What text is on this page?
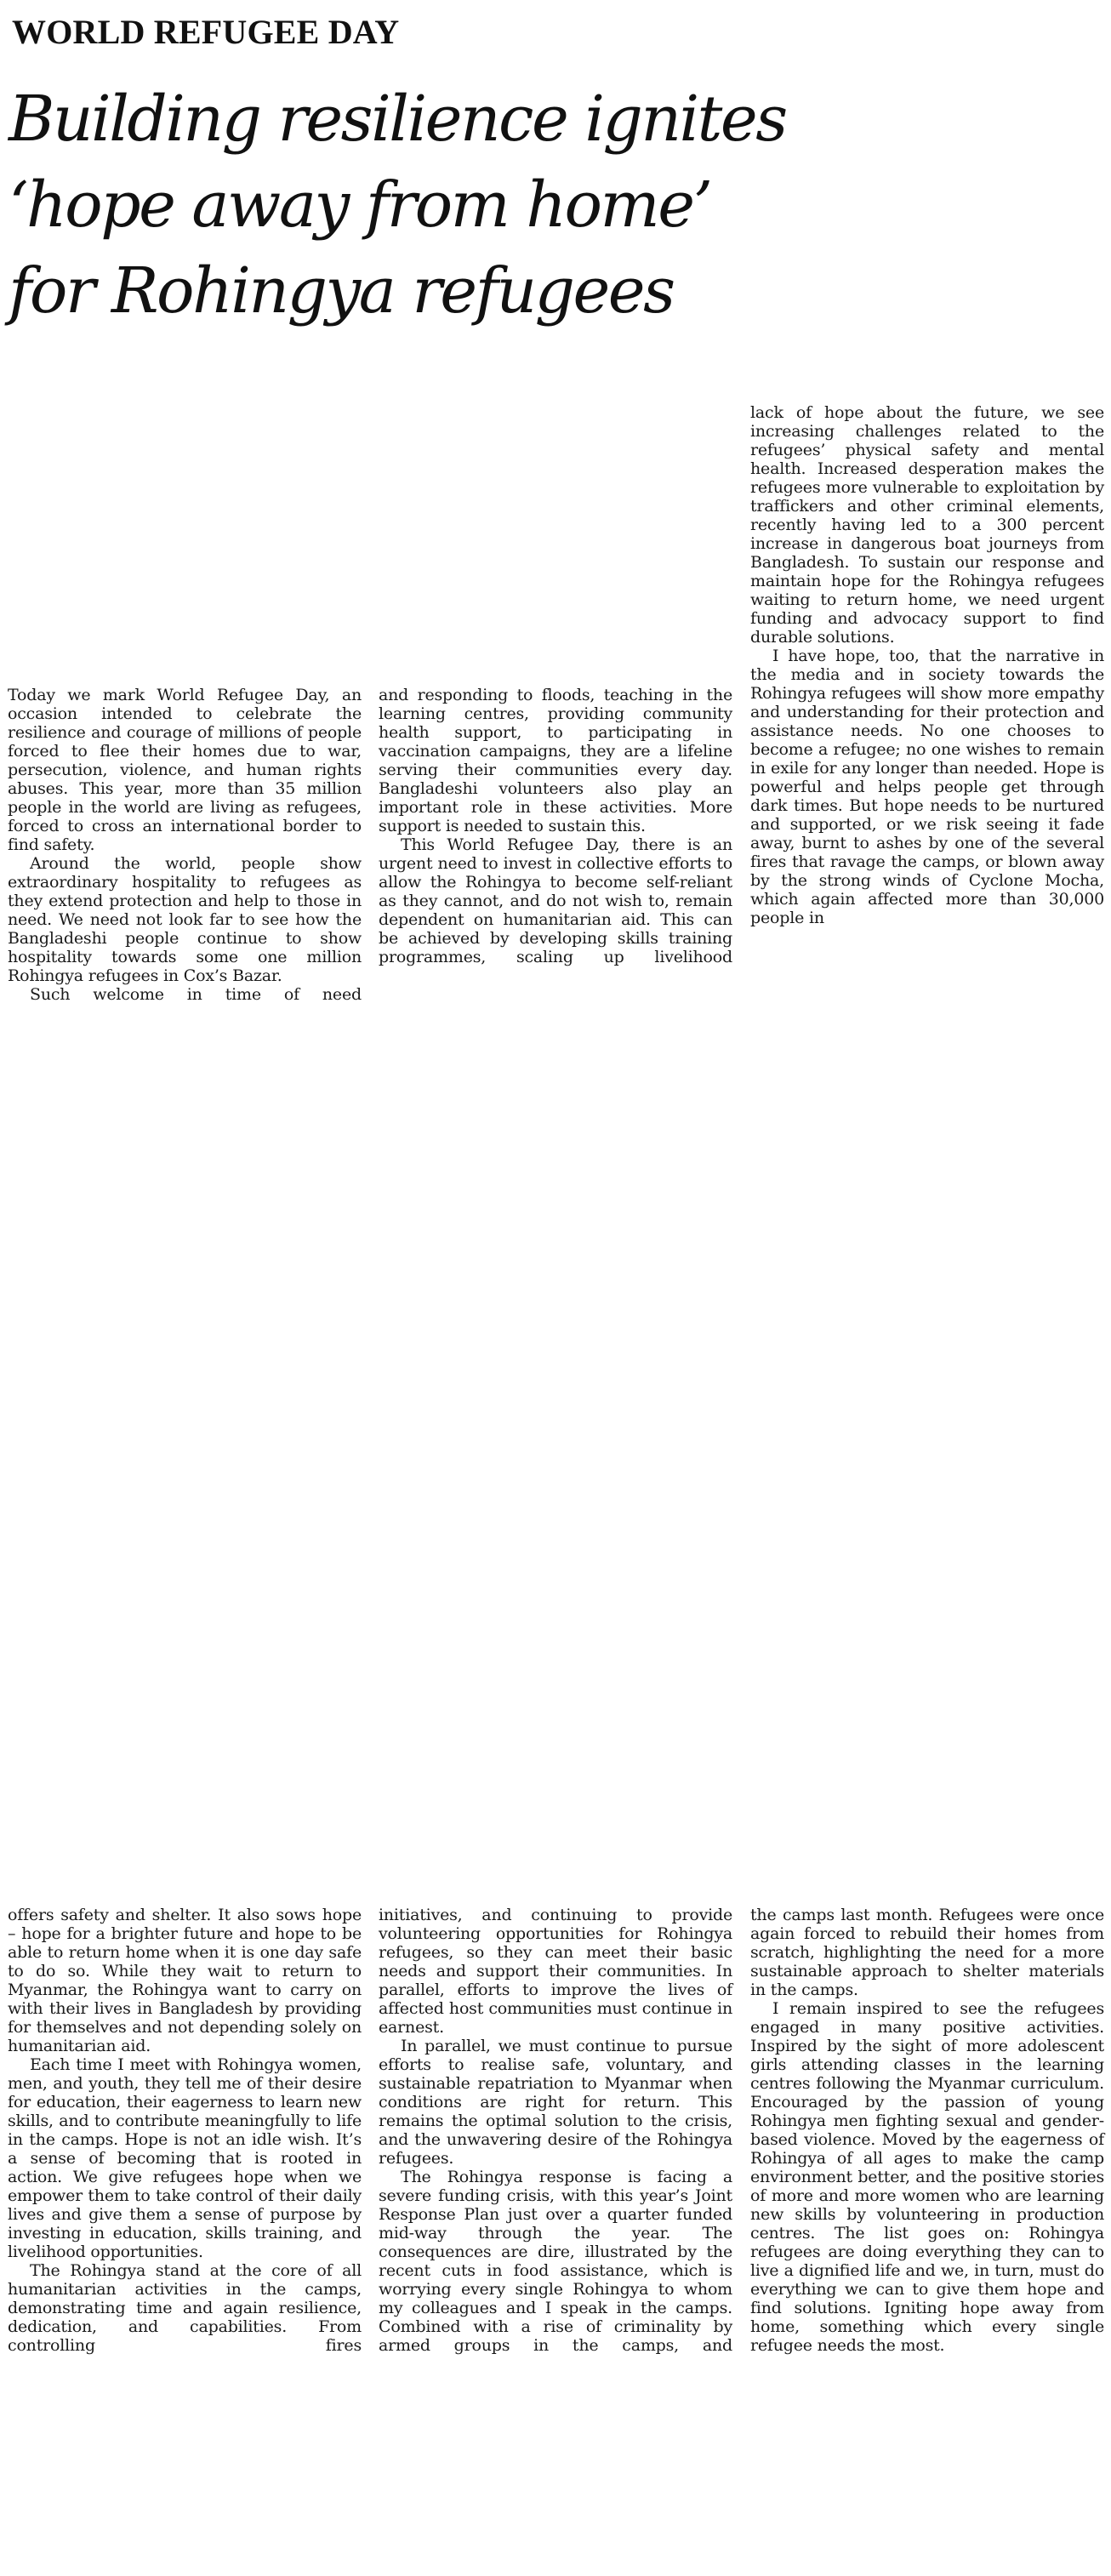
WORLD REFUGEE DAY
Building resilience ignites
‘hope away from home’
for Rohingya refugees

Today we mark World Refugee Day, an occasion intended to celebrate the resilience and courage of millions of people forced to flee their homes due to war, persecution, violence, and human rights abuses. This year, more than 35 million people in the world are living as refugees, forced to cross an international border to find safety.

Around the world, people show extraordinary hospitality to refugees as they extend protection and help to those in need. We need not look far to see how the Bangladeshi people continue to show hospitality towards some one million Rohingya refugees in Cox’s Bazar.

Such welcome in time of need

and responding to floods, teaching in the learning centres, providing community health support, to participating in vaccination campaigns, they are a lifeline serving their communities every day. Bangladeshi volunteers also play an important role in these activities. More support is needed to sustain this.

This World Refugee Day, there is an urgent need to invest in collective efforts to allow the Rohingya to become self-reliant as they cannot, and do not wish to, remain dependent on humanitarian aid. This can be achieved by developing skills training programmes, scaling up livelihood

lack of hope about the future, we see increasing challenges related to the refugees’ physical safety and mental health. Increased desperation makes the refugees more vulnerable to exploitation by traffickers and other criminal elements, recently having led to a 300 percent increase in dangerous boat journeys from Bangladesh. To sustain our response and maintain hope for the Rohingya refugees waiting to return home, we need urgent funding and advocacy support to find durable solutions.

I have hope, too, that the narrative in the media and in society towards the Rohingya refugees will show more empathy and understanding for their protection and assistance needs. No one chooses to become a refugee; no one wishes to remain in exile for any longer than needed. Hope is powerful and helps people get through dark times. But hope needs to be nurtured and supported, or we risk seeing it fade away, burnt to ashes by one of the several fires that ravage the camps, or blown away by the strong winds of Cyclone Mocha, which again affected more than 30,000 people in

offers safety and shelter. It also sows hope – hope for a brighter future and hope to be able to return home when it is one day safe to do so. While they wait to return to Myanmar, the Rohingya want to carry on with their lives in Bangladesh by providing for themselves and not depending solely on humanitarian aid.

Each time I meet with Rohingya women, men, and youth, they tell me of their desire for education, their eagerness to learn new skills, and to contribute meaningfully to life in the camps. Hope is not an idle wish. It’s a sense of becoming that is rooted in action. We give refugees hope when we empower them to take control of their daily lives and give them a sense of purpose by investing in education, skills training, and livelihood opportunities.

The Rohingya stand at the core of all humanitarian activities in the camps, demonstrating time and again resilience, dedication, and capabilities. From controlling fires

initiatives, and continuing to provide volunteering opportunities for Rohingya refugees, so they can meet their basic needs and support their communities. In parallel, efforts to improve the lives of affected host communities must continue in earnest.

In parallel, we must continue to pursue efforts to realise safe, voluntary, and sustainable repatriation to Myanmar when conditions are right for return. This remains the optimal solution to the crisis, and the unwavering desire of the Rohingya refugees.

The Rohingya response is facing a severe funding crisis, with this year’s Joint Response Plan just over a quarter funded mid-way through the year. The consequences are dire, illustrated by the recent cuts in food assistance, which is worrying every single Rohingya to whom my colleagues and I speak in the camps. Combined with a rise of criminality by armed groups in the camps, and

the camps last month. Refugees were once again forced to rebuild their homes from scratch, highlighting the need for a more sustainable approach to shelter materials in the camps.

I remain inspired to see the refugees engaged in many positive activities. Inspired by the sight of more adolescent girls attending classes in the learning centres following the Myanmar curriculum. Encouraged by the passion of young Rohingya men fighting sexual and gender-based violence. Moved by the eagerness of Rohingya of all ages to make the camp environment better, and the positive stories of more and more women who are learning new skills by volunteering in production centres. The list goes on: Rohingya refugees are doing everything they can to live a dignified life and we, in turn, must do everything we can to give them hope and find solutions. Igniting hope away from home, something which every single refugee needs the most.
